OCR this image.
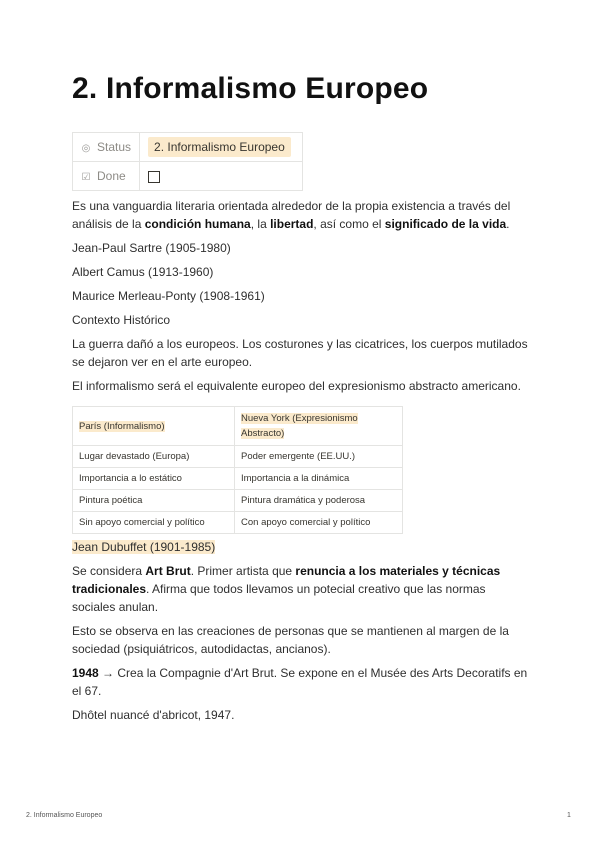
2. Informalismo Europeo
◎ Status	2. Informalismo Europeo
☑ Done	

Es una vanguardia literaria orientada alrededor de la propia existencia a través del análisis de la condición humana, la libertad, así como el significado de la vida.

Jean-Paul Sartre (1905-1980)

Albert Camus (1913-1960)

Maurice Merleau-Ponty (1908-1961)

Contexto Histórico

La guerra dañó a los europeos. Los costurones y las cicatrices, los cuerpos mutilados se dejaron ver en el arte europeo.

El informalismo será el equivalente europeo del expresionismo abstracto americano.

París (Informalismo)	Nueva York (Expresionismo Abstracto)
Lugar devastado (Europa)	Poder emergente (EE.UU.)
Importancia a lo estático	Importancia a la dinámica
Pintura poética	Pintura dramática y poderosa
Sin apoyo comercial y político	Con apoyo comercial y político

Jean Dubuffet (1901-1985)

Se considera Art Brut. Primer artista que renuncia a los materiales y técnicas tradicionales. Afirma que todos llevamos un potecial creativo que las normas sociales anulan.

Esto se observa en las creaciones de personas que se mantienen al margen de la sociedad (psiquiátricos, autodidactas, ancianos).

1948 → Crea la Compagnie d'Art Brut. Se expone en el Musée des Arts Decoratifs en el 67.

Dhôtel nuancé d'abricot, 1947.

2. Informalismo Europeo	1
